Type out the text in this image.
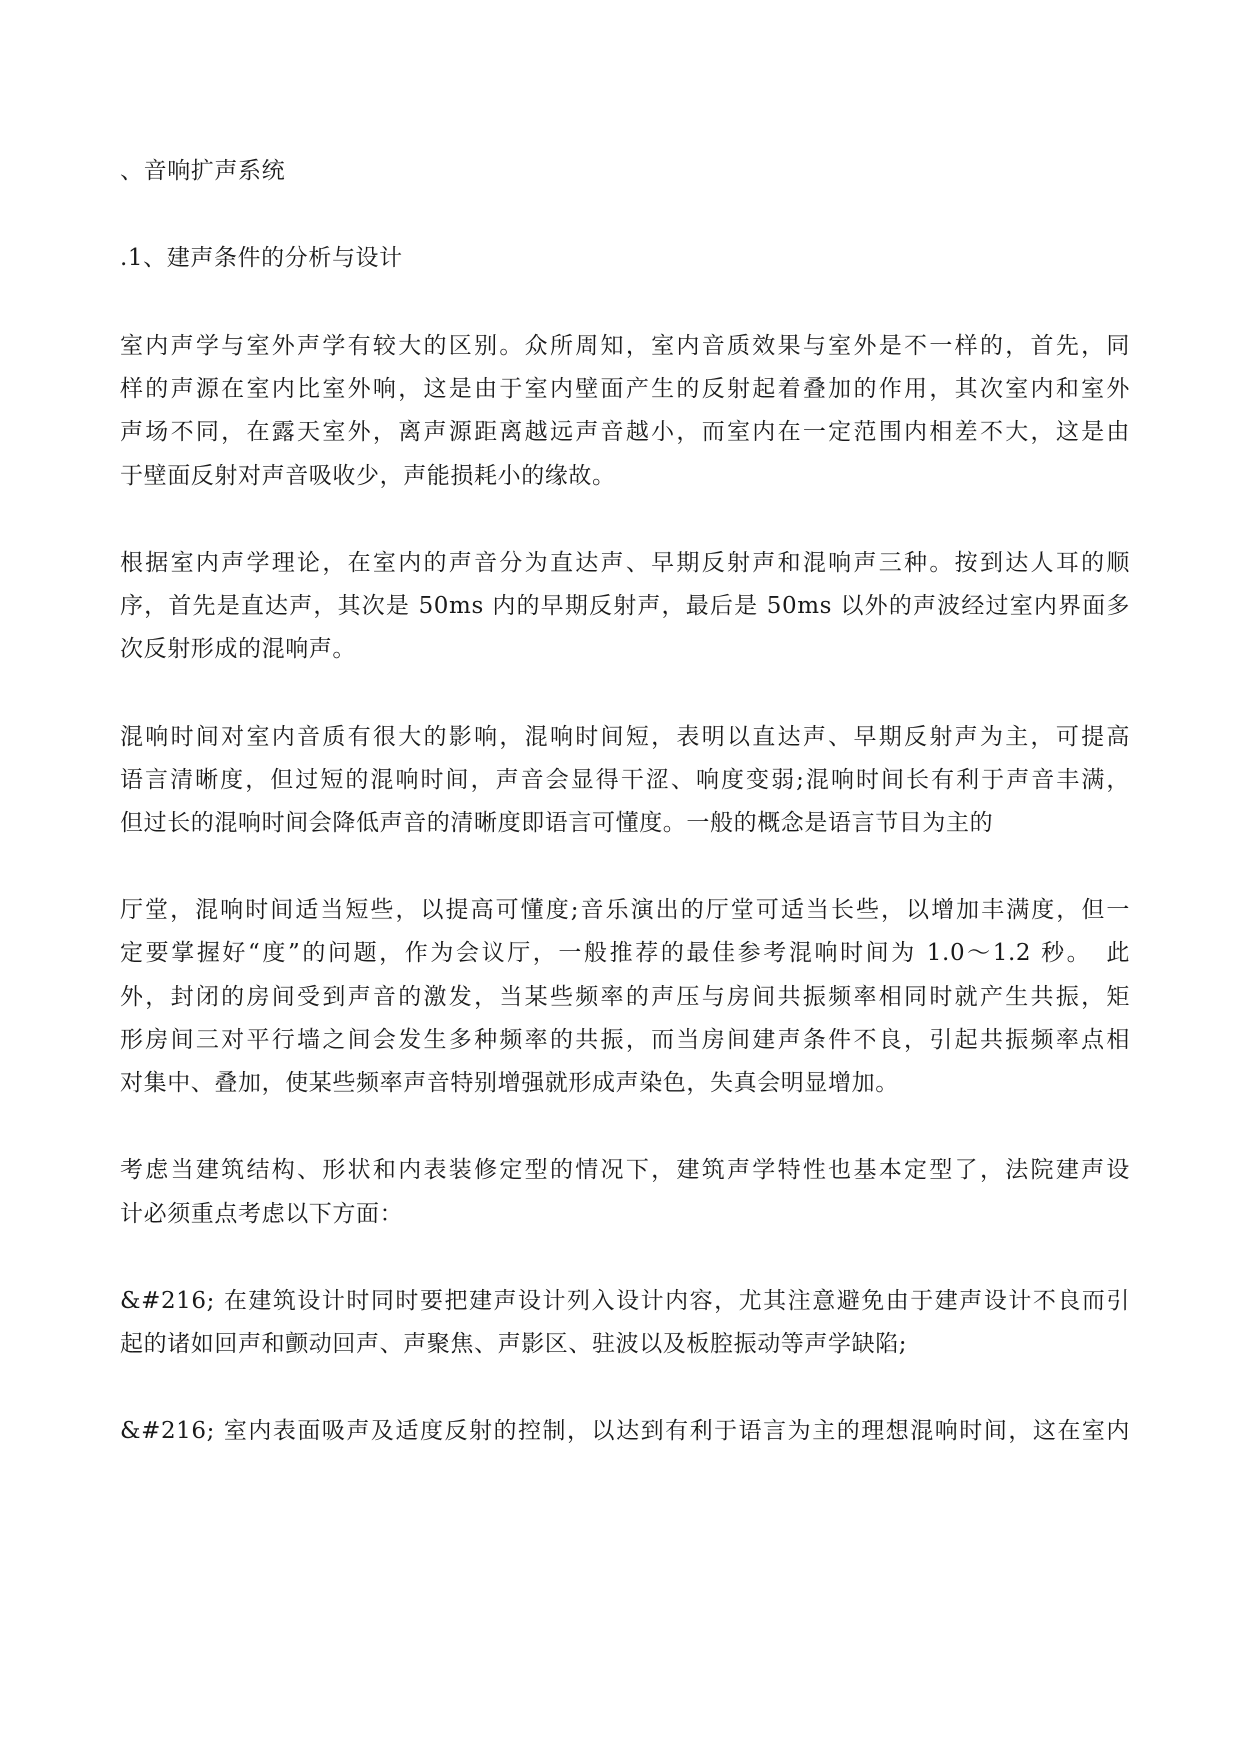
、音响扩声系统
.1、建声条件的分析与设计
室内声学与室外声学有较大的区别。众所周知，室内音质效果与室外是不一样的，首先，同
样的声源在室内比室外响，这是由于室内壁面产生的反射起着叠加的作用，其次室内和室外
声场不同，在露天室外，离声源距离越远声音越小，而室内在一定范围内相差不大，这是由
于壁面反射对声音吸收少，声能损耗小的缘故。
根据室内声学理论，在室内的声音分为直达声、早期反射声和混响声三种。按到达人耳的顺
序，首先是直达声，其次是 50ms 内的早期反射声，最后是 50ms 以外的声波经过室内界面多
次反射形成的混响声。
混响时间对室内音质有很大的影响，混响时间短，表明以直达声、早期反射声为主，可提高
语言清晰度，但过短的混响时间，声音会显得干涩、响度变弱;混响时间长有利于声音丰满，
但过长的混响时间会降低声音的清晰度即语言可懂度。一般的概念是语言节目为主的
厅堂，混响时间适当短些，以提高可懂度;音乐演出的厅堂可适当长些，以增加丰满度，但一
定要掌握好“度”的问题，作为会议厅，一般推荐的最佳参考混响时间为 1.0～1.2 秒。　此
外，封闭的房间受到声音的激发，当某些频率的声压与房间共振频率相同时就产生共振，矩
形房间三对平行墙之间会发生多种频率的共振，而当房间建声条件不良，引起共振频率点相
对集中、叠加，使某些频率声音特别增强就形成声染色，失真会明显增加。
考虑当建筑结构、形状和内表装修定型的情况下，建筑声学特性也基本定型了，法院建声设
计必须重点考虑以下方面：
&#216; 在建筑设计时同时要把建声设计列入设计内容，尤其注意避免由于建声设计不良而引
起的诸如回声和颤动回声、声聚焦、声影区、驻波以及板腔振动等声学缺陷;
&#216; 室内表面吸声及适度反射的控制，以达到有利于语言为主的理想混响时间，这在室内
